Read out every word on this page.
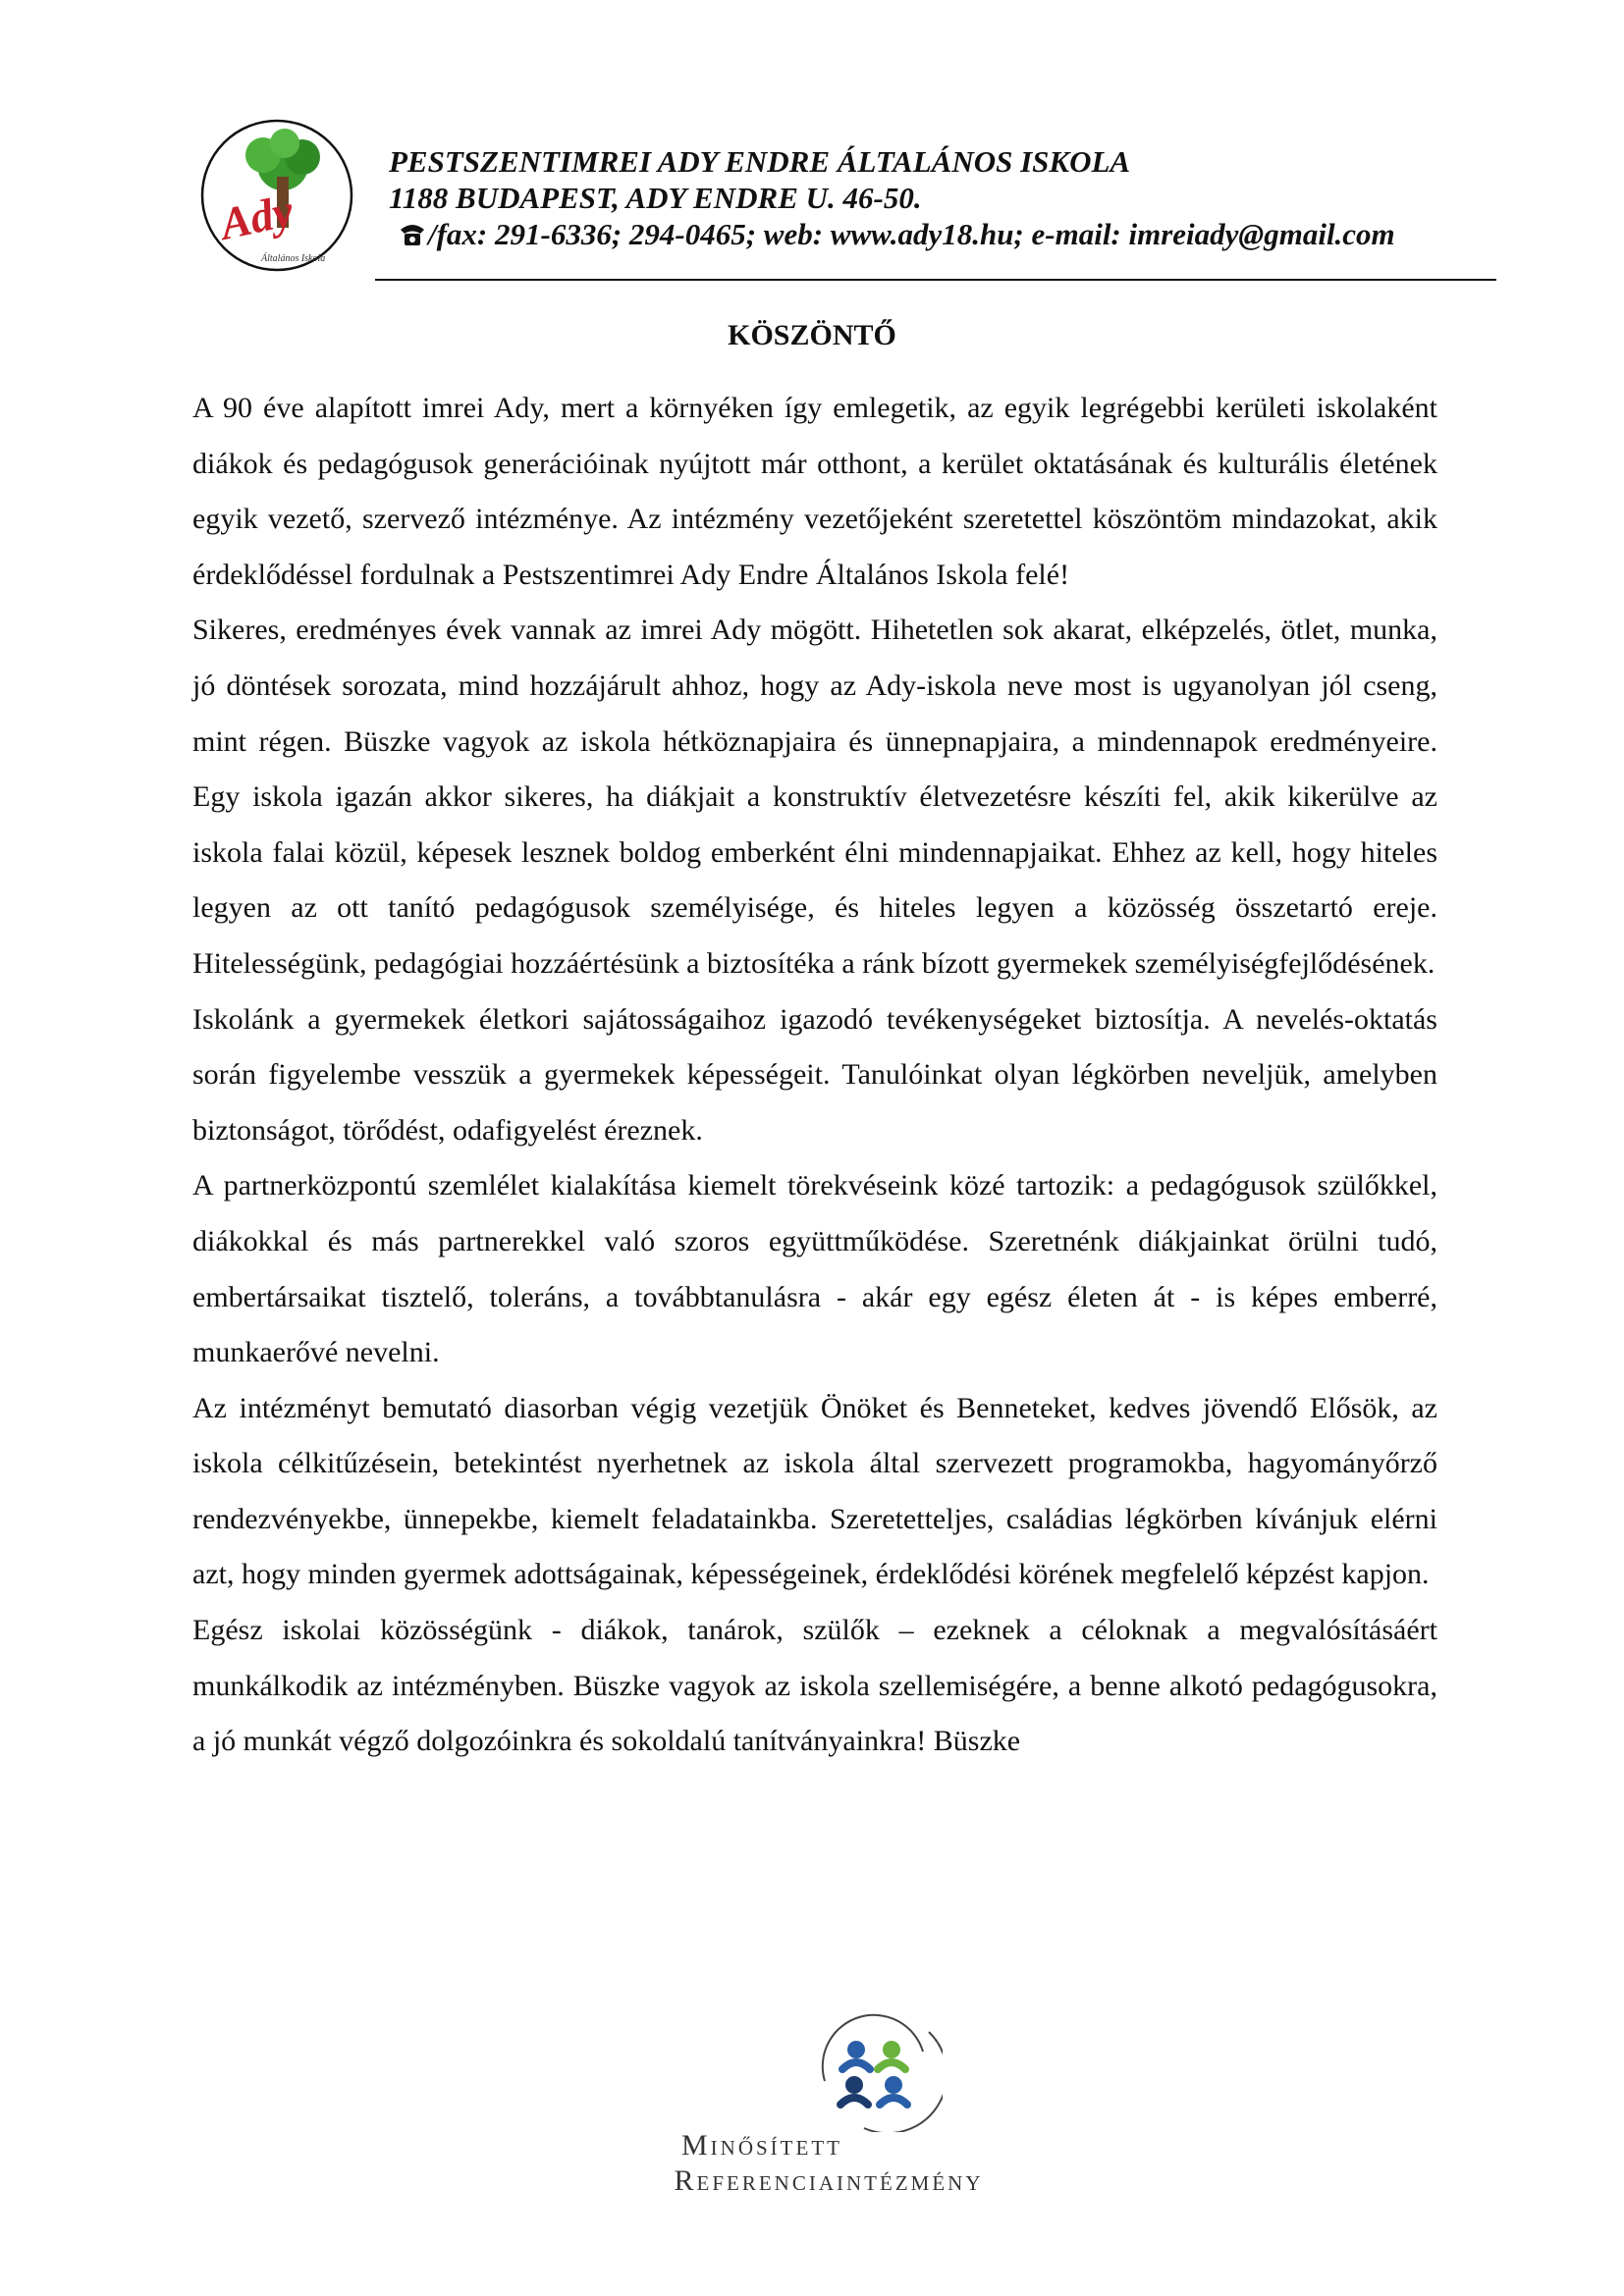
Ady
Általános Iskola
PESTSZENTIMREI ADY ENDRE ÁLTALÁNOS ISKOLA
1188 BUDAPEST, ADY ENDRE U. 46-50.
/fax: 291-6336; 294-0465; web: www.ady18.hu; e-mail: imreiady@gmail.com
KÖSZÖNTŐ

A 90 éve alapított imrei Ady, mert a környéken így emlegetik, az egyik legrégebbi kerületi iskolaként diákok és pedagógusok generációinak nyújtott már otthont, a kerület oktatásának és kulturális életének egyik vezető, szervező intézménye. Az intézmény vezetőjeként szeretettel köszöntöm mindazokat, akik érdeklődéssel fordulnak a Pestszentimrei Ady Endre Általános Iskola felé!

Sikeres, eredményes évek vannak az imrei Ady mögött. Hihetetlen sok akarat, elképzelés, ötlet, munka, jó döntések sorozata, mind hozzájárult ahhoz, hogy az Ady-iskola neve most is ugyanolyan jól cseng, mint régen. Büszke vagyok az iskola hétköznapjaira és ünnepnapjaira, a mindennapok eredményeire. Egy iskola igazán akkor sikeres, ha diákjait a konstruktív életvezetésre készíti fel, akik kikerülve az iskola falai közül, képesek lesznek boldog emberként élni mindennapjaikat. Ehhez az kell, hogy hiteles legyen az ott tanító pedagógusok személyisége, és hiteles legyen a közösség összetartó ereje. Hitelességünk, pedagógiai hozzáértésünk a biztosítéka a ránk bízott gyermekek személyiségfejlődésének.

Iskolánk a gyermekek életkori sajátosságaihoz igazodó tevékenységeket biztosítja. A nevelés-oktatás során figyelembe vesszük a gyermekek képességeit. Tanulóinkat olyan légkörben neveljük, amelyben biztonságot, törődést, odafigyelést éreznek.

A partnerközpontú szemlélet kialakítása kiemelt törekvéseink közé tartozik: a pedagógusok szülőkkel, diákokkal és más partnerekkel való szoros együttműködése. Szeretnénk diákjainkat örülni tudó, embertársaikat tisztelő, toleráns, a továbbtanulásra - akár egy egész életen át - is képes emberré, munkaerővé nevelni.

Az intézményt bemutató diasorban végig vezetjük Önöket és Benneteket, kedves jövendő Elősök, az iskola célkitűzésein, betekintést nyerhetnek az iskola által szervezett programokba, hagyományőrző rendezvényekbe, ünnepekbe, kiemelt feladatainkba. Szeretetteljes, családias légkörben kívánjuk elérni azt, hogy minden gyermek adottságainak, képességeinek, érdeklődési körének megfelelő képzést kapjon.

Egész iskolai közösségünk - diákok, tanárok, szülők – ezeknek a céloknak a megvalósításáért munkálkodik az intézményben. Büszke vagyok az iskola szellemiségére, a benne alkotó pedagógusokra, a jó munkát végző dolgozóinkra és sokoldalú tanítványainkra! Büszke

Minősített
Referenciaintézmény
